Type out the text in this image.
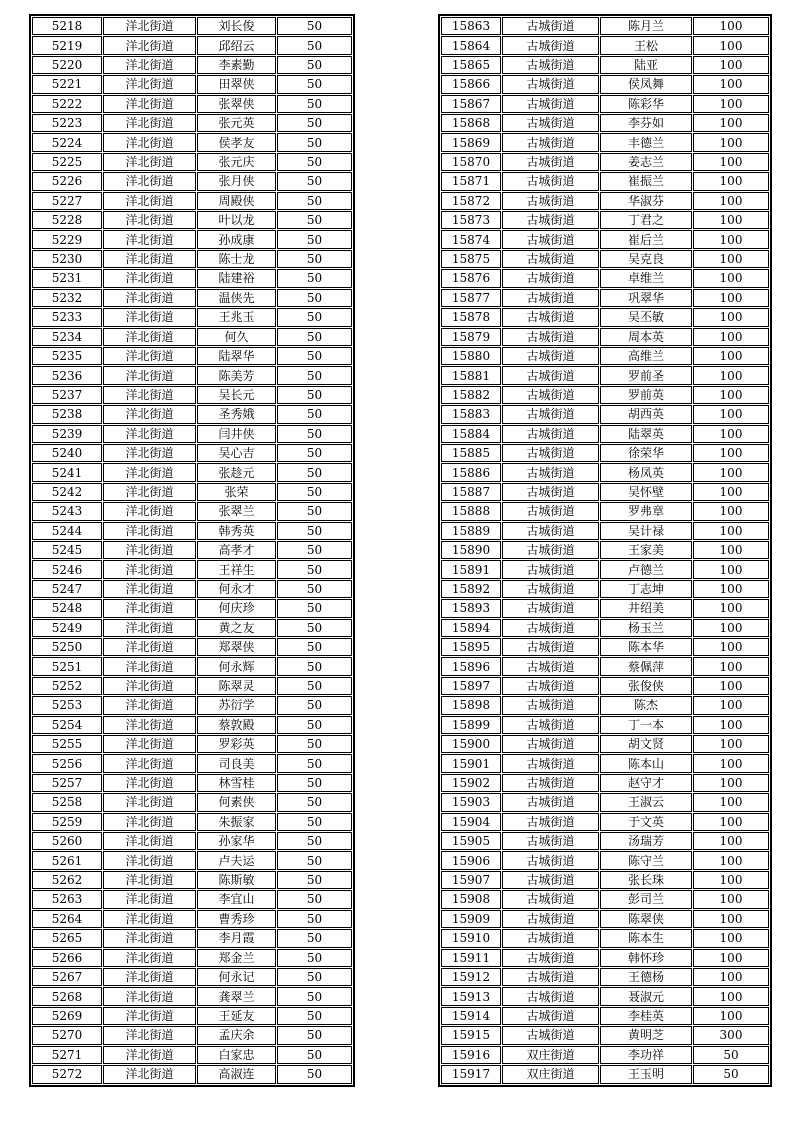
5218	洋北街道	刘长俊	50
5219	洋北街道	邱绍云	50
5220	洋北街道	李素勤	50
5221	洋北街道	田翠侠	50
5222	洋北街道	张翠侠	50
5223	洋北街道	张元英	50
5224	洋北街道	侯孝友	50
5225	洋北街道	张元庆	50
5226	洋北街道	张月侠	50
5227	洋北街道	周殿侠	50
5228	洋北街道	叶以龙	50
5229	洋北街道	孙成康	50
5230	洋北街道	陈士龙	50
5231	洋北街道	陆建裕	50
5232	洋北街道	温侠先	50
5233	洋北街道	王兆玉	50
5234	洋北街道	何久	50
5235	洋北街道	陆翠华	50
5236	洋北街道	陈美芳	50
5237	洋北街道	吴长元	50
5238	洋北街道	圣秀娥	50
5239	洋北街道	闫井侠	50
5240	洋北街道	吴心吉	50
5241	洋北街道	张趁元	50
5242	洋北街道	张荣	50
5243	洋北街道	张翠兰	50
5244	洋北街道	韩秀英	50
5245	洋北街道	高孝才	50
5246	洋北街道	王祥生	50
5247	洋北街道	何永才	50
5248	洋北街道	何庆珍	50
5249	洋北街道	黄之友	50
5250	洋北街道	郑翠侠	50
5251	洋北街道	何永辉	50
5252	洋北街道	陈翠灵	50
5253	洋北街道	苏衍学	50
5254	洋北街道	蔡敦殿	50
5255	洋北街道	罗彩英	50
5256	洋北街道	司良美	50
5257	洋北街道	林雪桂	50
5258	洋北街道	何素侠	50
5259	洋北街道	朱振家	50
5260	洋北街道	孙家华	50
5261	洋北街道	卢夫运	50
5262	洋北街道	陈斯敏	50
5263	洋北街道	李宜山	50
5264	洋北街道	曹秀珍	50
5265	洋北街道	李月霞	50
5266	洋北街道	郑金兰	50
5267	洋北街道	何永记	50
5268	洋北街道	龚翠兰	50
5269	洋北街道	王延友	50
5270	洋北街道	孟庆余	50
5271	洋北街道	白家忠	50
5272	洋北街道	高淑连	50
15863	古城街道	陈月兰	100
15864	古城街道	王松	100
15865	古城街道	陆亚	100
15866	古城街道	侯凤舞	100
15867	古城街道	陈彩华	100
15868	古城街道	李芬如	100
15869	古城街道	丰德兰	100
15870	古城街道	姜志兰	100
15871	古城街道	崔振兰	100
15872	古城街道	华淑芬	100
15873	古城街道	丁君之	100
15874	古城街道	崔后兰	100
15875	古城街道	吴克良	100
15876	古城街道	卓维兰	100
15877	古城街道	巩翠华	100
15878	古城街道	吴丕敏	100
15879	古城街道	周本英	100
15880	古城街道	高维兰	100
15881	古城街道	罗前圣	100
15882	古城街道	罗前英	100
15883	古城街道	胡西英	100
15884	古城街道	陆翠英	100
15885	古城街道	徐荣华	100
15886	古城街道	杨凤英	100
15887	古城街道	吴怀壁	100
15888	古城街道	罗弗章	100
15889	古城街道	吴计禄	100
15890	古城街道	王家美	100
15891	古城街道	卢德兰	100
15892	古城街道	丁志坤	100
15893	古城街道	井绍美	100
15894	古城街道	杨玉兰	100
15895	古城街道	陈本华	100
15896	古城街道	蔡佩萍	100
15897	古城街道	张俊侠	100
15898	古城街道	陈杰	100
15899	古城街道	丁一本	100
15900	古城街道	胡文贤	100
15901	古城街道	陈本山	100
15902	古城街道	赵守才	100
15903	古城街道	王淑云	100
15904	古城街道	于文英	100
15905	古城街道	汤瑞芳	100
15906	古城街道	陈守兰	100
15907	古城街道	张长珠	100
15908	古城街道	彭司兰	100
15909	古城街道	陈翠侠	100
15910	古城街道	陈本生	100
15911	古城街道	韩怀珍	100
15912	古城街道	王德杨	100
15913	古城街道	聂淑元	100
15914	古城街道	李桂英	100
15915	古城街道	黄明芝	300
15916	双庄街道	李功祥	50
15917	双庄街道	王玉明	50
